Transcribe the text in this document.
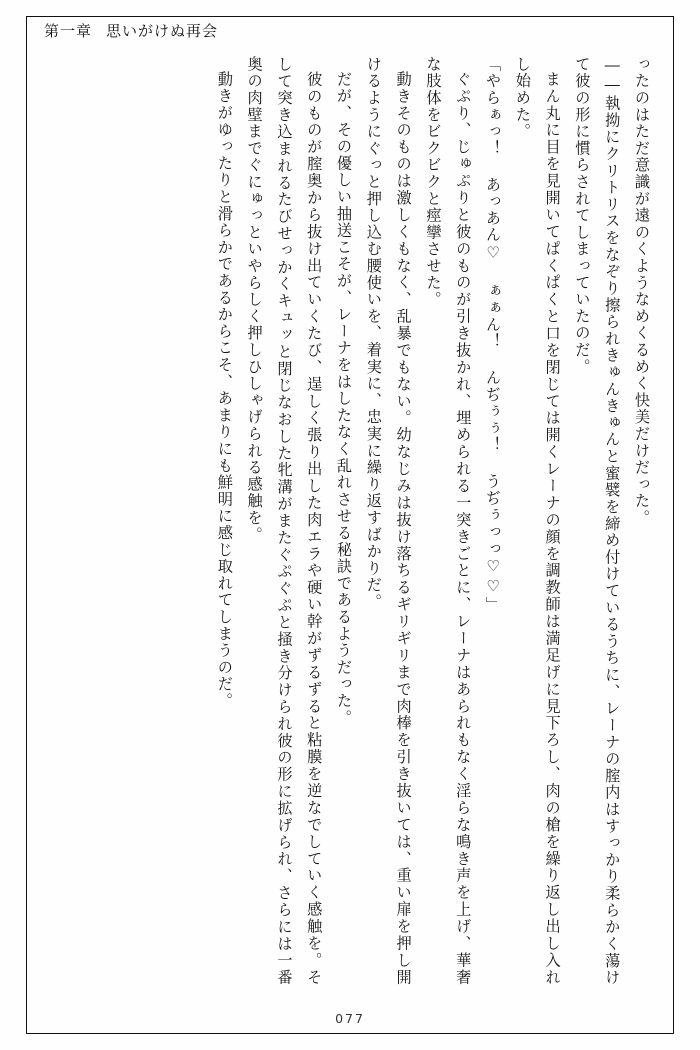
第一章 思いがけぬ再会

ったのはただ意識が遠のくようなめくるめく快美だけだった。

――執拗にクリトリスをなぞり擦られきゅんきゅんと蜜襞を締め付けているうちに、レーナの腟内はすっかり柔らかく蕩けて彼の形に慣らされてしまっていたのだ。

まん丸に目を見開いてぱくぱくと口を閉じては開くレーナの顔を調教師は満足げに見下ろし、肉の槍を繰り返し出し入れし始めた。

「やらぁっ！ あっあん♡ ぁぁん！ んぢぅぅ！ うぢぅっっ♡♡」

ぐぷり、じゅぷりと彼のものが引き抜かれ、埋められる一突きごとに、レーナはあられもなく淫らな鳴き声を上げ、華奢な肢体をビクビクと痙攣させた。

動きそのものは激しくもなく、乱暴でもない。幼なじみは抜け落ちるギリギリまで肉棒を引き抜いては、重い扉を押し開けるようにぐっと押し込む腰使いを、着実に、忠実に繰り返すばかりだ。

だが、その優しい抽送こそが、レーナをはしたなく乱れさせる秘訣であるようだった。

彼のものが腟奥から抜け出ていくたび、逞しく張り出した肉エラや硬い幹がずるずると粘膜を逆なでしていく感触を。そして突き込まれるたびせっかくキュッと閉じなおした牝溝がまたぐぷぐぷと掻き分けられ彼の形に拡げられ、さらには一番奥の肉壁までぐにゅっといやらしく押しひしゃげられる感触を。

動きがゆったりと滑らかであるからこそ、あまりにも鮮明に感じ取れてしまうのだ。

077
